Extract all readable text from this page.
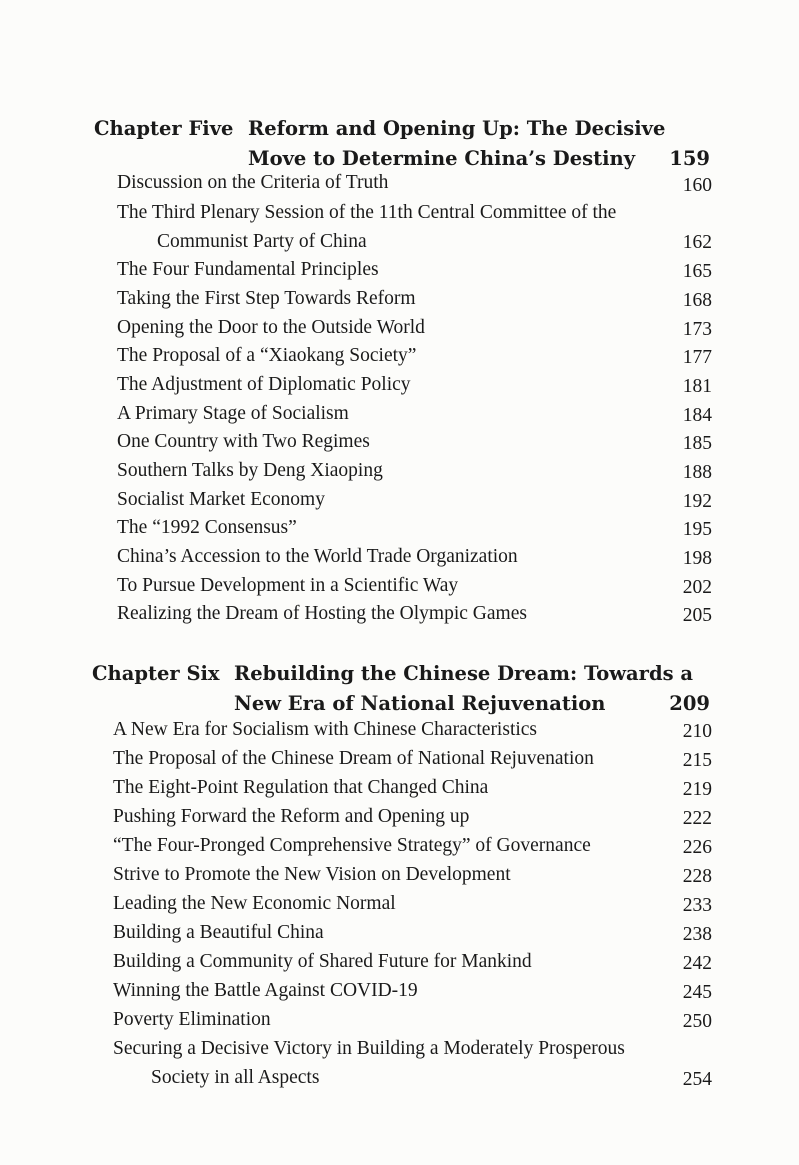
Chapter Five Reform and Opening Up: The Decisive
Move to Determine China’s Destiny	159
Discussion on the Criteria of Truth	160
The Third Plenary Session of the 11th Central Committee of the
Communist Party of China	162
The Four Fundamental Principles	165
Taking the First Step Towards Reform	168
Opening the Door to the Outside World	173
The Proposal of a “Xiaokang Society”	177
The Adjustment of Diplomatic Policy	181
A Primary Stage of Socialism	184
One Country with Two Regimes	185
Southern Talks by Deng Xiaoping	188
Socialist Market Economy	192
The “1992 Consensus”	195
China’s Accession to the World Trade Organization	198
To Pursue Development in a Scientific Way	202
Realizing the Dream of Hosting the Olympic Games	205
Chapter Six Rebuilding the Chinese Dream: Towards a
New Era of National Rejuvenation	209
A New Era for Socialism with Chinese Characteristics	210
The Proposal of the Chinese Dream of National Rejuvenation	215
The Eight-Point Regulation that Changed China	219
Pushing Forward the Reform and Opening up	222
“The Four-Pronged Comprehensive Strategy” of Governance	226
Strive to Promote the New Vision on Development	228
Leading the New Economic Normal	233
Building a Beautiful China	238
Building a Community of Shared Future for Mankind	242
Winning the Battle Against COVID-19	245
Poverty Elimination	250
Securing a Decisive Victory in Building a Moderately Prosperous
Society in all Aspects	254
